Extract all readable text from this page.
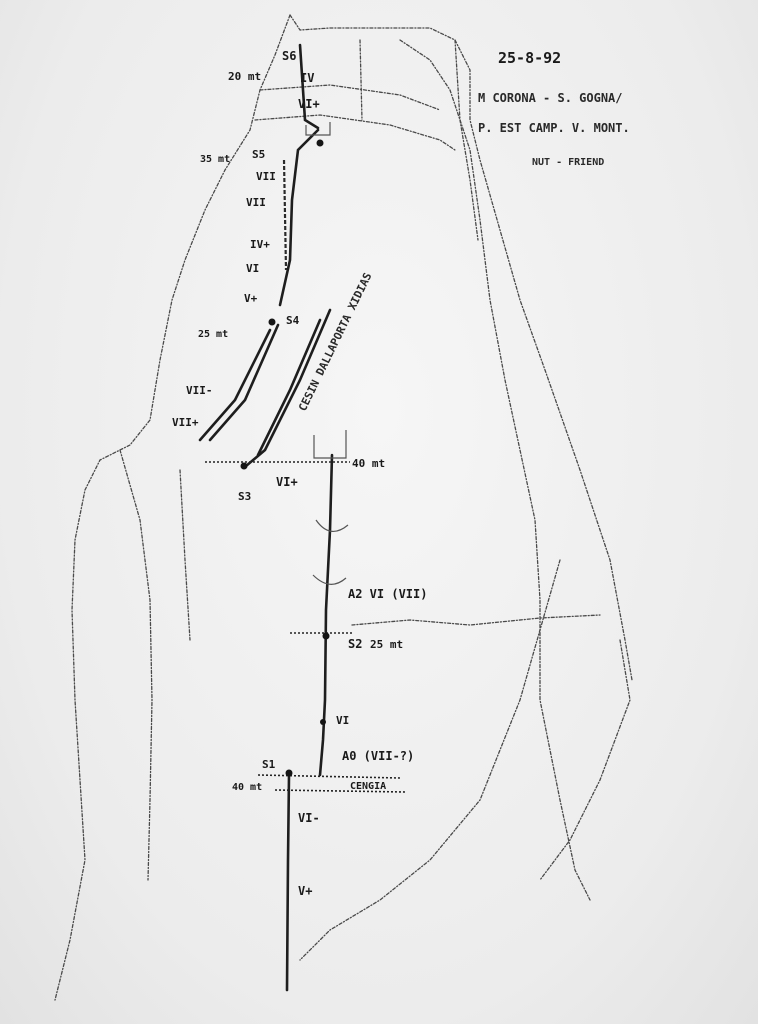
25-8-92
M CORONA - S. GOGNA/
P. EST CAMP. V. MONT.
NUT - FRIEND
CESIN DALLAPORTA XIDIAS
S6
20 mt
S5
35 mt
S4
25 mt
S3
40 mt
S2 25 mt
S1
40 mt
IV
VI+
VII
VII
IV+
VI
V+
VII-
VII+
VI+
A2 VI (VII)
VI
A0 (VII-?)
CENGIA
VI-
V+
